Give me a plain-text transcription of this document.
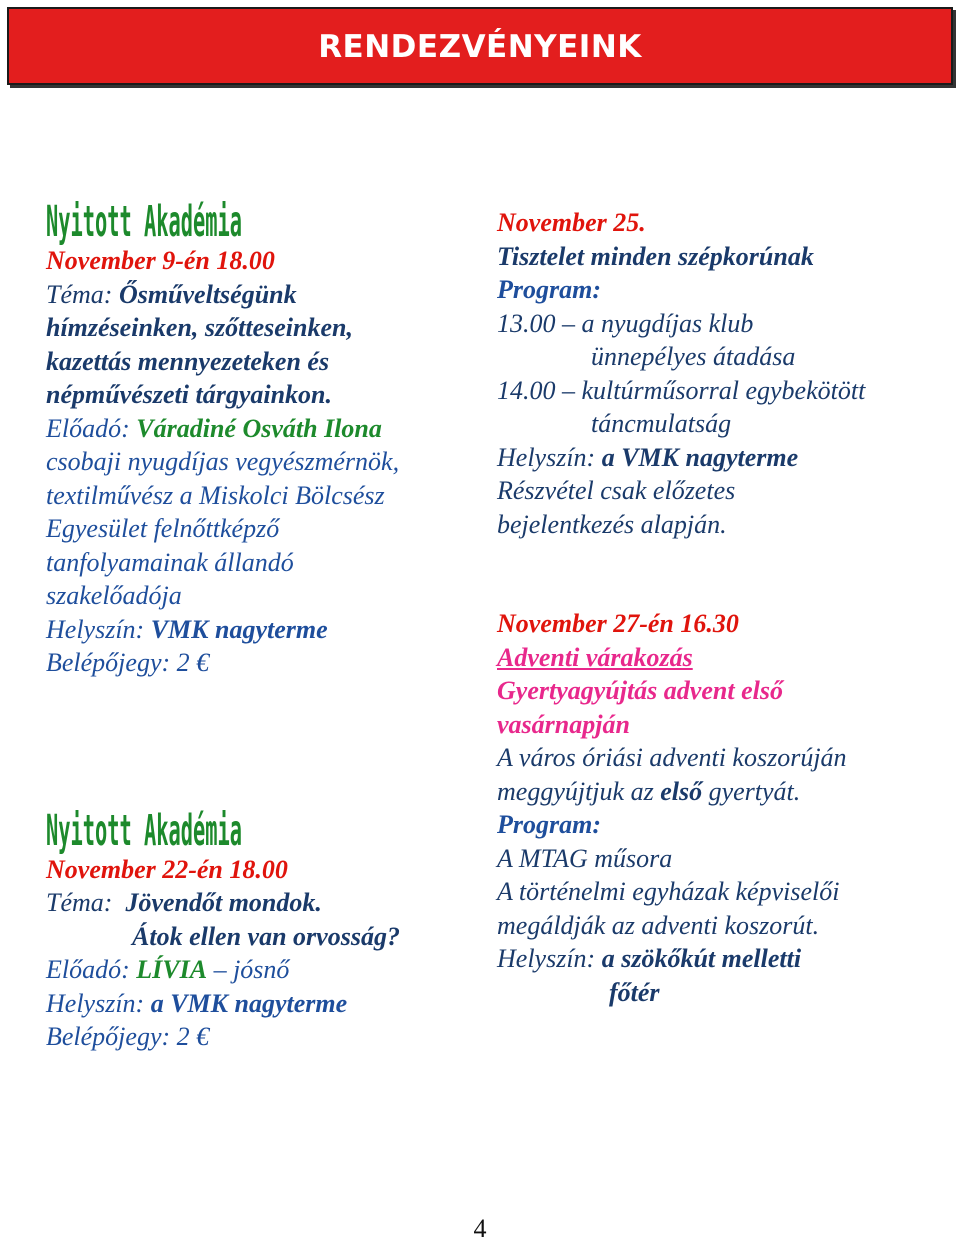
RENDEZVÉNYEINK
Nyitott Akadémia
November 9-én 18.00
Téma: Ősműveltségünk
hímzéseinken, szőtteseinken,
kazettás mennyezeteken és
népművészeti tárgyainkon.
Előadó: Váradiné Osváth Ilona
csobaji nyugdíjas vegyészmérnök,
textilművész a Miskolci Bölcsész
Egyesület felnőttképző
tanfolyamainak állandó
szakelőadója
Helyszín: VMK nagyterme
Belépőjegy: 2 €
Nyitott Akadémia
November 22-én 18.00
Téma: Jövendőt mondok.
Átok ellen van orvosság?
Előadó: LÍVIA – jósnő
Helyszín: a VMK nagyterme
Belépőjegy: 2 €
November 25.
Tisztelet minden szépkorúnak
Program:
13.00 – a nyugdíjas klub
ünnepélyes átadása
14.00 – kultúrműsorral egybekötött
táncmulatság
Helyszín: a VMK nagyterme
Részvétel csak előzetes
bejelentkezés alapján.
November 27-én 16.30
Adventi várakozás
Gyertyagyújtás advent első
vasárnapján
A város óriási adventi koszorúján
meggyújtjuk az első gyertyát.
Program:
A MTAG műsora
A történelmi egyházak képviselői
megáldják az adventi koszorút.
Helyszín: a szökőkút melletti
főtér
4
